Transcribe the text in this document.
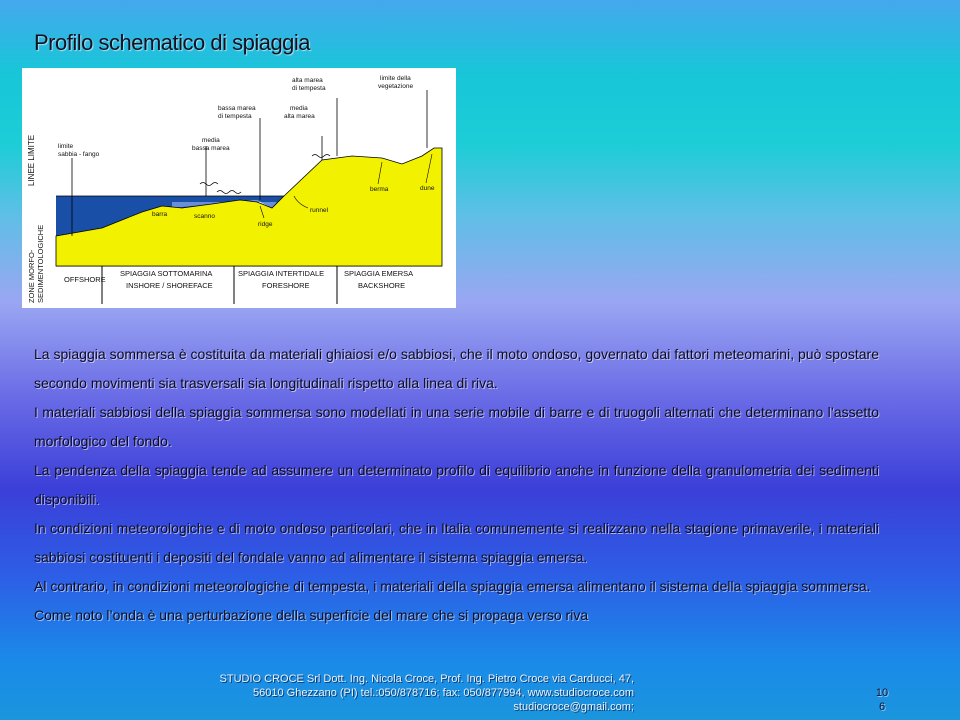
Profilo schematico di spiaggia
LINEE LIMITE
ZONE MORFO- SEDIMENTOLOGICHE
limite
sabbia - fango
media
bassa marea
bassa marea
di tempesta
media
alta marea
alta marea
di tempesta
limite della
vegetazione
barra	scanno
ridge
runnel
berma	dune
OFFSHORE
SPIAGGIA SOTTOMARINA
INSHORE / SHOREFACE
SPIAGGIA INTERTIDALE
FORESHORE
SPIAGGIA EMERSA
BACKSHORE

La spiaggia sommersa è costituita da materiali ghiaiosi e/o sabbiosi, che il moto ondoso, governato dai fattori meteomarini, può spostare secondo movimenti sia trasversali sia longitudinali rispetto alla linea di riva.

I materiali sabbiosi della spiaggia sommersa sono modellati in una serie mobile di barre e di truogoli alternati che determinano l’assetto morfologico del fondo.

La pendenza della spiaggia tende ad assumere un determinato profilo di equilibrio anche in funzione della granulometria dei sedimenti disponibili.

In condizioni meteorologiche e di moto ondoso particolari, che in Italia comunemente si realizzano nella stagione primaverile, i materiali sabbiosi costituenti i depositi del fondale vanno ad alimentare il sistema spiaggia emersa.

Al contrario, in condizioni meteorologiche di tempesta, i materiali della spiaggia emersa alimentano il sistema della spiaggia sommersa.

Come noto l’onda è una perturbazione della superficie del mare che si propaga verso riva

STUDIO CROCE Srl Dott. Ing. Nicola Croce, Prof. Ing. Pietro Croce via Carducci, 47,
56010 Ghezzano (PI) tel.:050/878716; fax: 050/877994, www.studiocroce.com
studiocroce@gmail.com;
10
6
